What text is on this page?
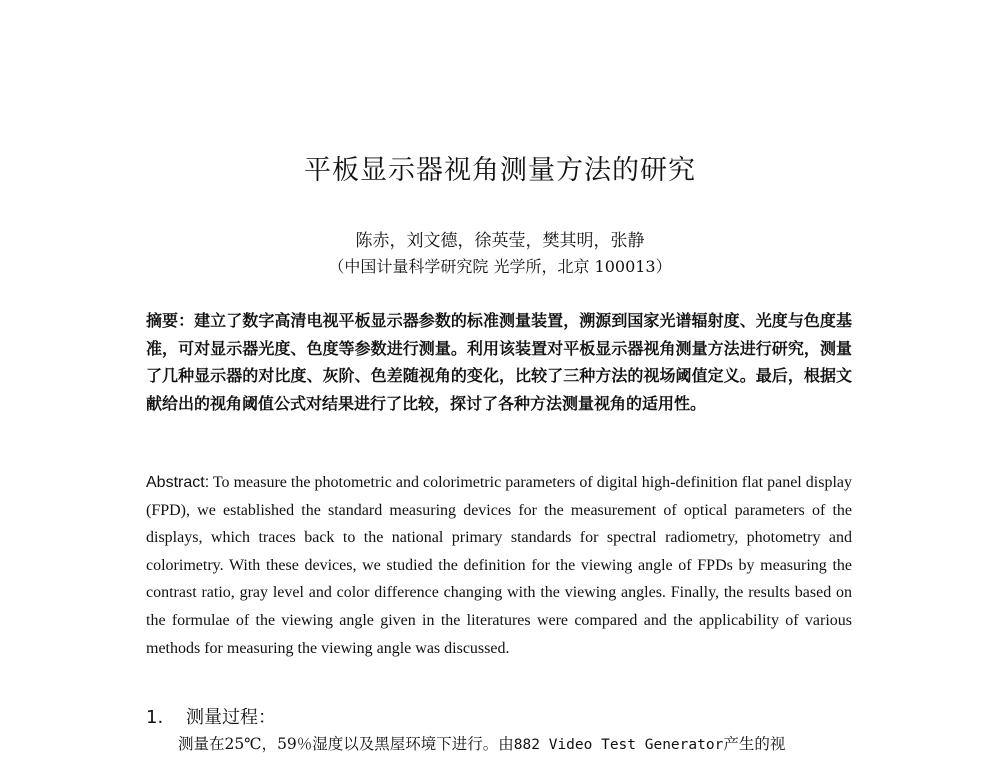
平板显示器视角测量方法的研究
陈赤，刘文德，徐英莹，樊其明，张静
（中国计量科学研究院 光学所，北京 100013）
摘要：建立了数字高清电视平板显示器参数的标准测量装置，溯源到国家光谱辐射度、光度与色度基准，可对显示器光度、色度等参数进行测量。利用该装置对平板显示器视角测量方法进行研究，测量了几种显示器的对比度、灰阶、色差随视角的变化，比较了三种方法的视场阈值定义。最后，根据文献给出的视角阈值公式对结果进行了比较，探讨了各种方法测量视角的适用性。
Abstract: To measure the photometric and colorimetric parameters of digital high-definition flat panel display (FPD), we established the standard measuring devices for the measurement of optical parameters of the displays, which traces back to the national primary standards for spectral radiometry, photometry and colorimetry. With these devices, we studied the definition for the viewing angle of FPDs by measuring the contrast ratio, gray level and color difference changing with the viewing angles. Finally, the results based on the formulae of the viewing angle given in the literatures were compared and the applicability of various methods for measuring the viewing angle was discussed.
1. 测量过程：
测量在25℃，59％湿度以及黑屋环境下进行。由882 Video Test Generator产生的视
